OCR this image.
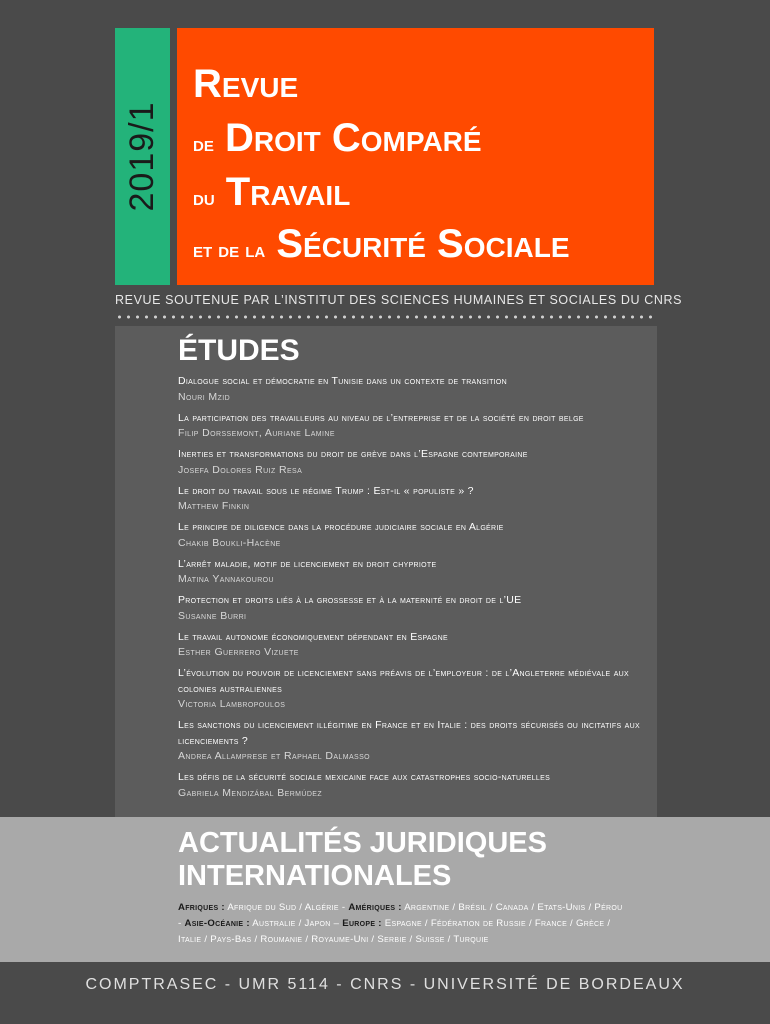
2019/1
Revue
de Droit Comparé
du Travail
et de la Sécurité Sociale
REVUE SOUTENUE PAR L’INSTITUT DES SCIENCES HUMAINES ET SOCIALES DU CNRS
ÉTUDES
Dialogue social et démocratie en Tunisie dans un contexte de transition
Nouri Mzid
La participation des travailleurs au niveau de l’entreprise et de la société en droit belge
Filip Dorssemont, Auriane Lamine
Inerties et transformations du droit de grève dans l’Espagne contemporaine
Josefa Dolores Ruiz Resa
Le droit du travail sous le régime Trump : Est-il « populiste » ?
Matthew Finkin
Le principe de diligence dans la procédure judiciaire sociale en Algérie
Chakib Boukli-Hacène
L’arrêt maladie, motif de licenciement en droit chypriote
Matina Yannakourou
Protection et droits liés à la grossesse et à la maternité en droit de l’UE
Susanne Burri
Le travail autonome économiquement dépendant en Espagne
Esther Guerrero Vizuete
L’évolution du pouvoir de licenciement sans préavis de l’employeur : de l’Angleterre médiévale aux colonies australiennes
Victoria Lambropoulos
Les sanctions du licenciement illégitime en France et en Italie : des droits sécurisés ou incitatifs aux licenciements ?
Andrea Allamprese et Raphael Dalmasso
Les défis de la sécurité sociale mexicaine face aux catastrophes socio-naturelles
Gabriela Mendizábal Bermúdez
ACTUALITÉS JURIDIQUES
INTERNATIONALES
Afriques : Afrique du Sud / Algérie - Amériques : Argentine / Brésil / Canada / Etats-Unis / Pérou - Asie-Océanie : Australie / Japon – Europe : Espagne / Fédération de Russie / France / Grèce / Italie / Pays-Bas / Roumanie / Royaume-Uni / Serbie / Suisse / Turquie
COMPTRASEC - UMR 5114 - CNRS - UNIVERSITÉ DE BORDEAUX
